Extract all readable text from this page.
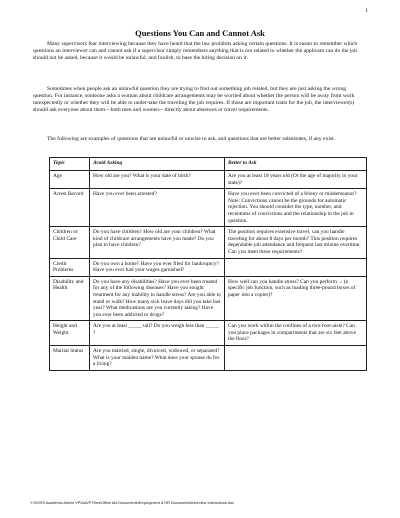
1
Questions You Can and Cannot Ask

Many supervisors fear interviewing because they have heard that the law prohibits asking certain questions. It is easier to remember which questions an interviewer can and cannot ask if a supervisor simply remembers anything that is not related to whether the applicant can do the job should not be asked, because it would be unlawful, and foolish, to base the hiring decision on it.

Sometimes when people ask an unlawful question they are trying to find out something job related, but they are just asking the wrong question. For instance, someone asks a woman about childcare arrangements may be worried about whether the person will be away from work unexpectedly or whether they will be able to under-take the traveling the job requires. If those are important traits for the job, the interviewer(s) should ask everyone about them—both men and women—directly about absences or travel requirements.

The following are examples of questions that are unlawful or unwise to ask, and questions that are better substitutes, if any exist.

Topic	Avoid Asking	Better to Ask
Age	How old are you? What is your date of birth?	Are you at least 18 years old (Or the age of majority in your state)?
Arrest Record	Have you ever been arrested?	Have you ever been convicted of a felony or misdemeanor? Note: Convictions cannot be the grounds for automatic rejection. You should consider the type, number, and recentness of convictions and the relationship to the job in question.
Children or Child Care	Do you have children? How old are your children? What kind of childcare arrangements have you made? Do you plan to have children?	The position requires extensive travel, can you handle traveling for about 8 days per month? This position requires dependable job attendance and frequent last minute overtime. Can you meet these requirements?
Credit Problems	Do you own a home? Have you ever filed for bankruptcy? Have you ever had your wages garnished?	
Disability and Health	Do you have any disabilities? Have you ever been treated for any of the following diseases? Have you sought treatment for any inability to handle stress? Are you able to stand or walk? How many sick leave days did you take last year? What medications are you currently taking? Have you ever been addicted to drugs?	How well can you handle stress? Can you perform ... (a specific job function, such as loading three-pound boxes of paper into a copier)?
Height and Weight	Are you at least _____ tall? Do you weigh less than _____ ?	Can you work within the confines of a two-foot-aisle? Can you place packages in compartments that are six feet above the floor?
Marital Status	Are you married, single, divorced, widowed, or separated? What is your maiden name? What does your spouse do for a living?	
Y:\SOSS Academic Admin VP\AAVP Files\Office Aid Documents\Employment & HR Documents\Interview Instructions.doc
